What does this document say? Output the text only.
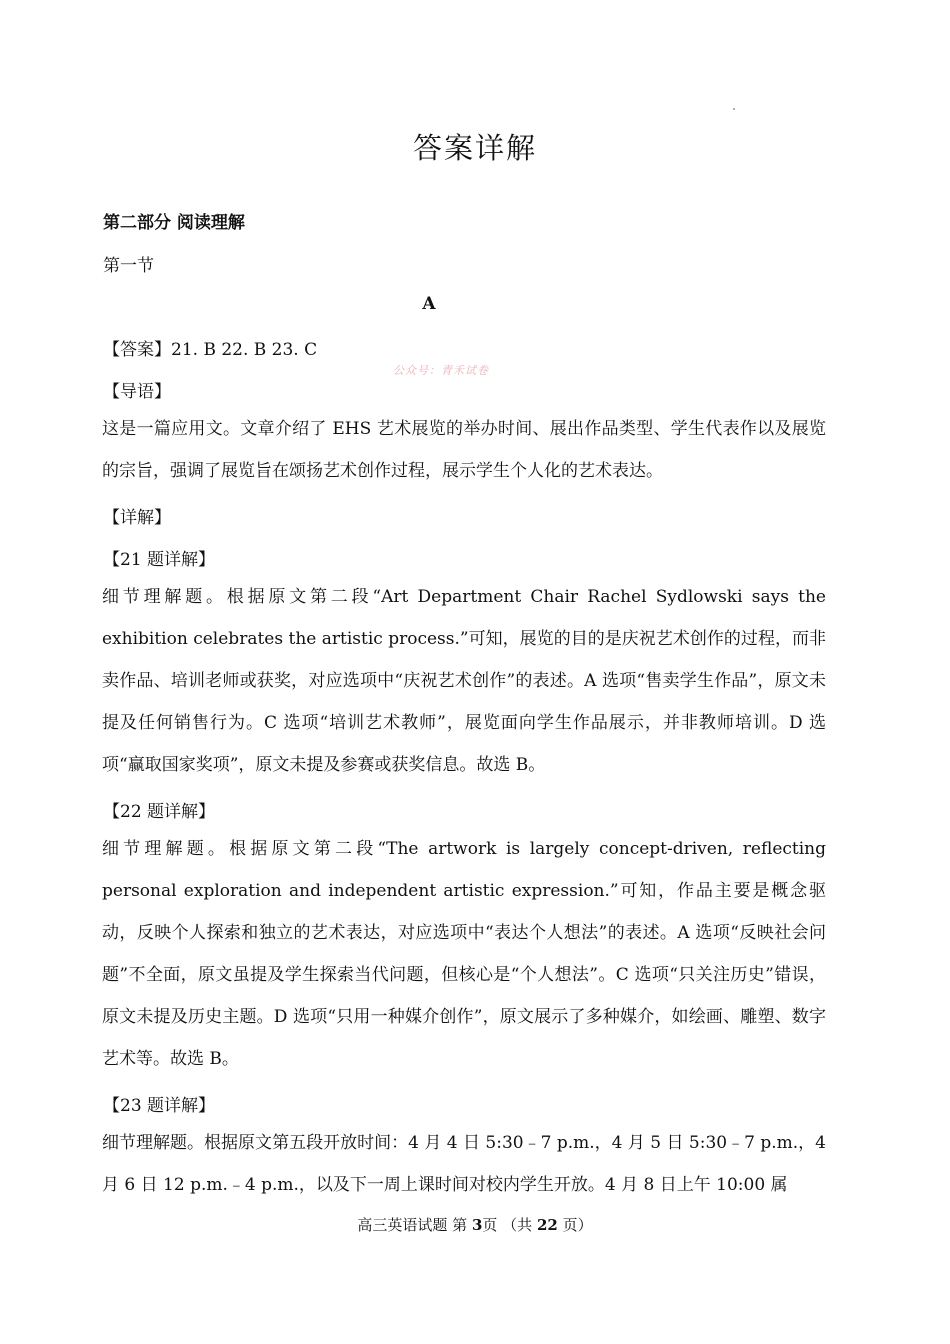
答案详解
第二部分 阅读理解
第一节
A
【答案】21. B 22. B 23. C
公众号：青禾试卷
【导语】

这是一篇应用文。文章介绍了 EHS 艺术展览的举办时间、展出作品类型、学生代表作以及展览的宗旨，强调了展览旨在颂扬艺术创作过程，展示学生个人化的艺术表达。

【详解】
【21 题详解】

细节理解题。根据原文第二段“Art Department Chair Rachel Sydlowski says the exhibition celebrates the artistic process.”可知，展览的目的是庆祝艺术创作的过程，而非卖作品、培训老师或获奖，对应选项中“庆祝艺术创作”的表述。A 选项“售卖学生作品”，原文未提及任何销售行为。C 选项“培训艺术教师”，展览面向学生作品展示，并非教师培训。D 选项“赢取国家奖项”，原文未提及参赛或获奖信息。故选 B。

【22 题详解】

细节理解题。根据原文第二段“The artwork is largely concept-driven, reflecting personal exploration and independent artistic expression.”可知，作品主要是概念驱动，反映个人探索和独立的艺术表达，对应选项中“表达个人想法”的表述。A 选项“反映社会问题”不全面，原文虽提及学生探索当代问题，但核心是“个人想法”。C 选项“只关注历史”错误，原文未提及历史主题。D 选项“只用一种媒介创作”，原文展示了多种媒介，如绘画、雕塑、数字艺术等。故选 B。

【23 题详解】

细节理解题。根据原文第五段开放时间：4 月 4 日 5:30﹣7 p.m.，4 月 5 日 5:30﹣7 p.m.，4 月 6 日 12 p.m.﹣4 p.m.，以及下一周上课时间对校内学生开放。4 月 8 日上午 10:00 属

高三英语试题 第 3页 （共 22 页）
